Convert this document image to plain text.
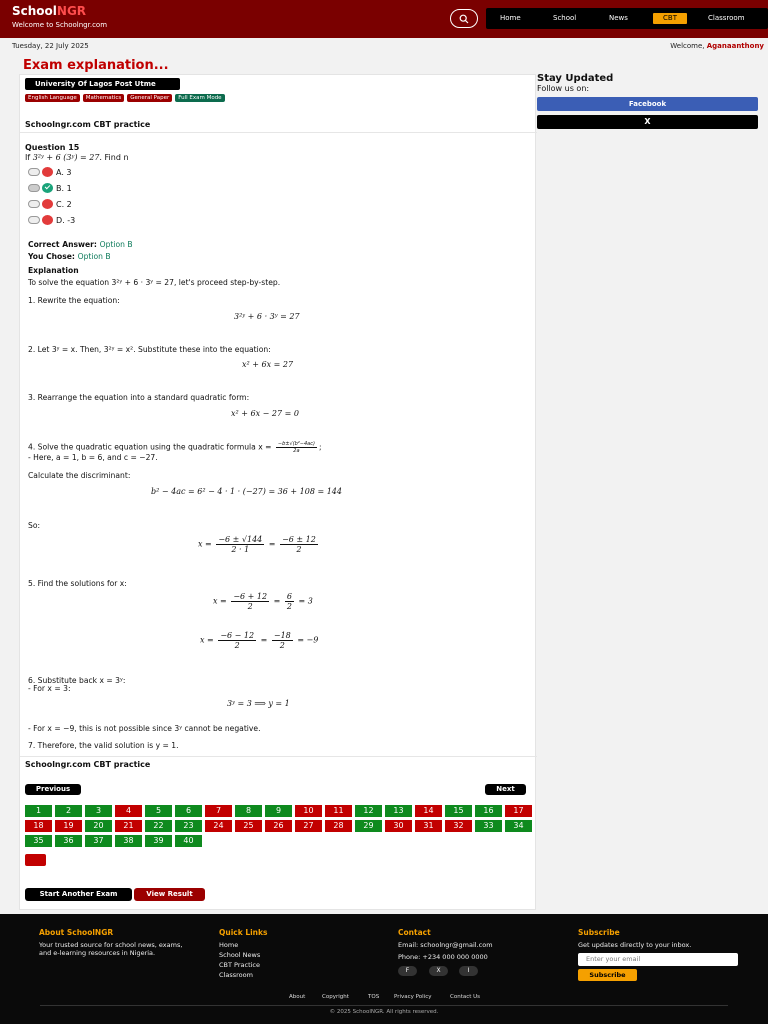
SchoolNGR
Welcome to Schoolngr.com
Home	School	News	CBT	Classroom
Tuesday, 22 July 2025	Welcome, Aganaanthony
Exam explanation...
University Of Lagos Post Utme
English Language	Mathematics	General Paper	Full Exam Mode
Schoolngr.com CBT practice
Question 15
If 3²ʸ + 6 (3ʸ) = 27. Find n
A. 3
B. 1
C. 2
D. -3
Correct Answer: Option B
You Chose: Option B
Explanation
To solve the equation 3²ʸ + 6 · 3ʸ = 27, let's proceed step-by-step.
1. Rewrite the equation:
3²ʸ + 6 · 3ʸ = 27
2. Let 3ʸ = x. Then, 3²ʸ = x². Substitute these into the equation:
x² + 6x = 27
3. Rearrange the equation into a standard quadratic form:
x² + 6x − 27 = 0
4. Solve the quadratic equation using the quadratic formula $x = \frac{\text{−b±√(b²−4ac)}}{2a}$ ;
- Here, a = 1, b = 6, and c = −27.
Calculate the discriminant:
b² − 4ac = 6² − 4 · 1 · (−27) = 36 + 108 = 144
So:
$x = \frac{-6 \pm √144}{2 \cdot 1} = \frac{-6 \pm 12}{2}$
5. Find the solutions for x:
$x = \frac{-6 + 12}{2} = \frac{6}{2} = 3$
$x = \frac{-6 - 12}{2} = \frac{-18}{2} = -9$
6. Substitute back x = 3ʸ:
- For x = 3:
3ʸ = 3 ⟹ y = 1
- For x = −9, this is not possible since 3ʸ cannot be negative.
7. Therefore, the valid solution is y = 1.
Schoolngr.com CBT practice
Previous	Next
1	2	3	4	5	6	7	8	9	10	11	12	13	14	15	16	17
18	19	20	21	22	23	24	25	26	27	28	29	30	31	32	33	34
35	36	37	38	39	40
Start Another Exam	View Result
Stay Updated
Follow us on:
Facebook
X
About SchoolNGR
Your trusted source for school news, exams, and e-learning resources in Nigeria.
Quick Links
Home
School News
CBT Practice
Classroom
Contact
Email: schoolngr@gmail.com
Phone: +234 000 000 0000
F	X	I
Subscribe
Get updates directly to your inbox.
Enter your email
Subscribe
About	Copyright	TOS	Privacy Policy	Contact Us
© 2025 SchoolNGR. All rights reserved.
